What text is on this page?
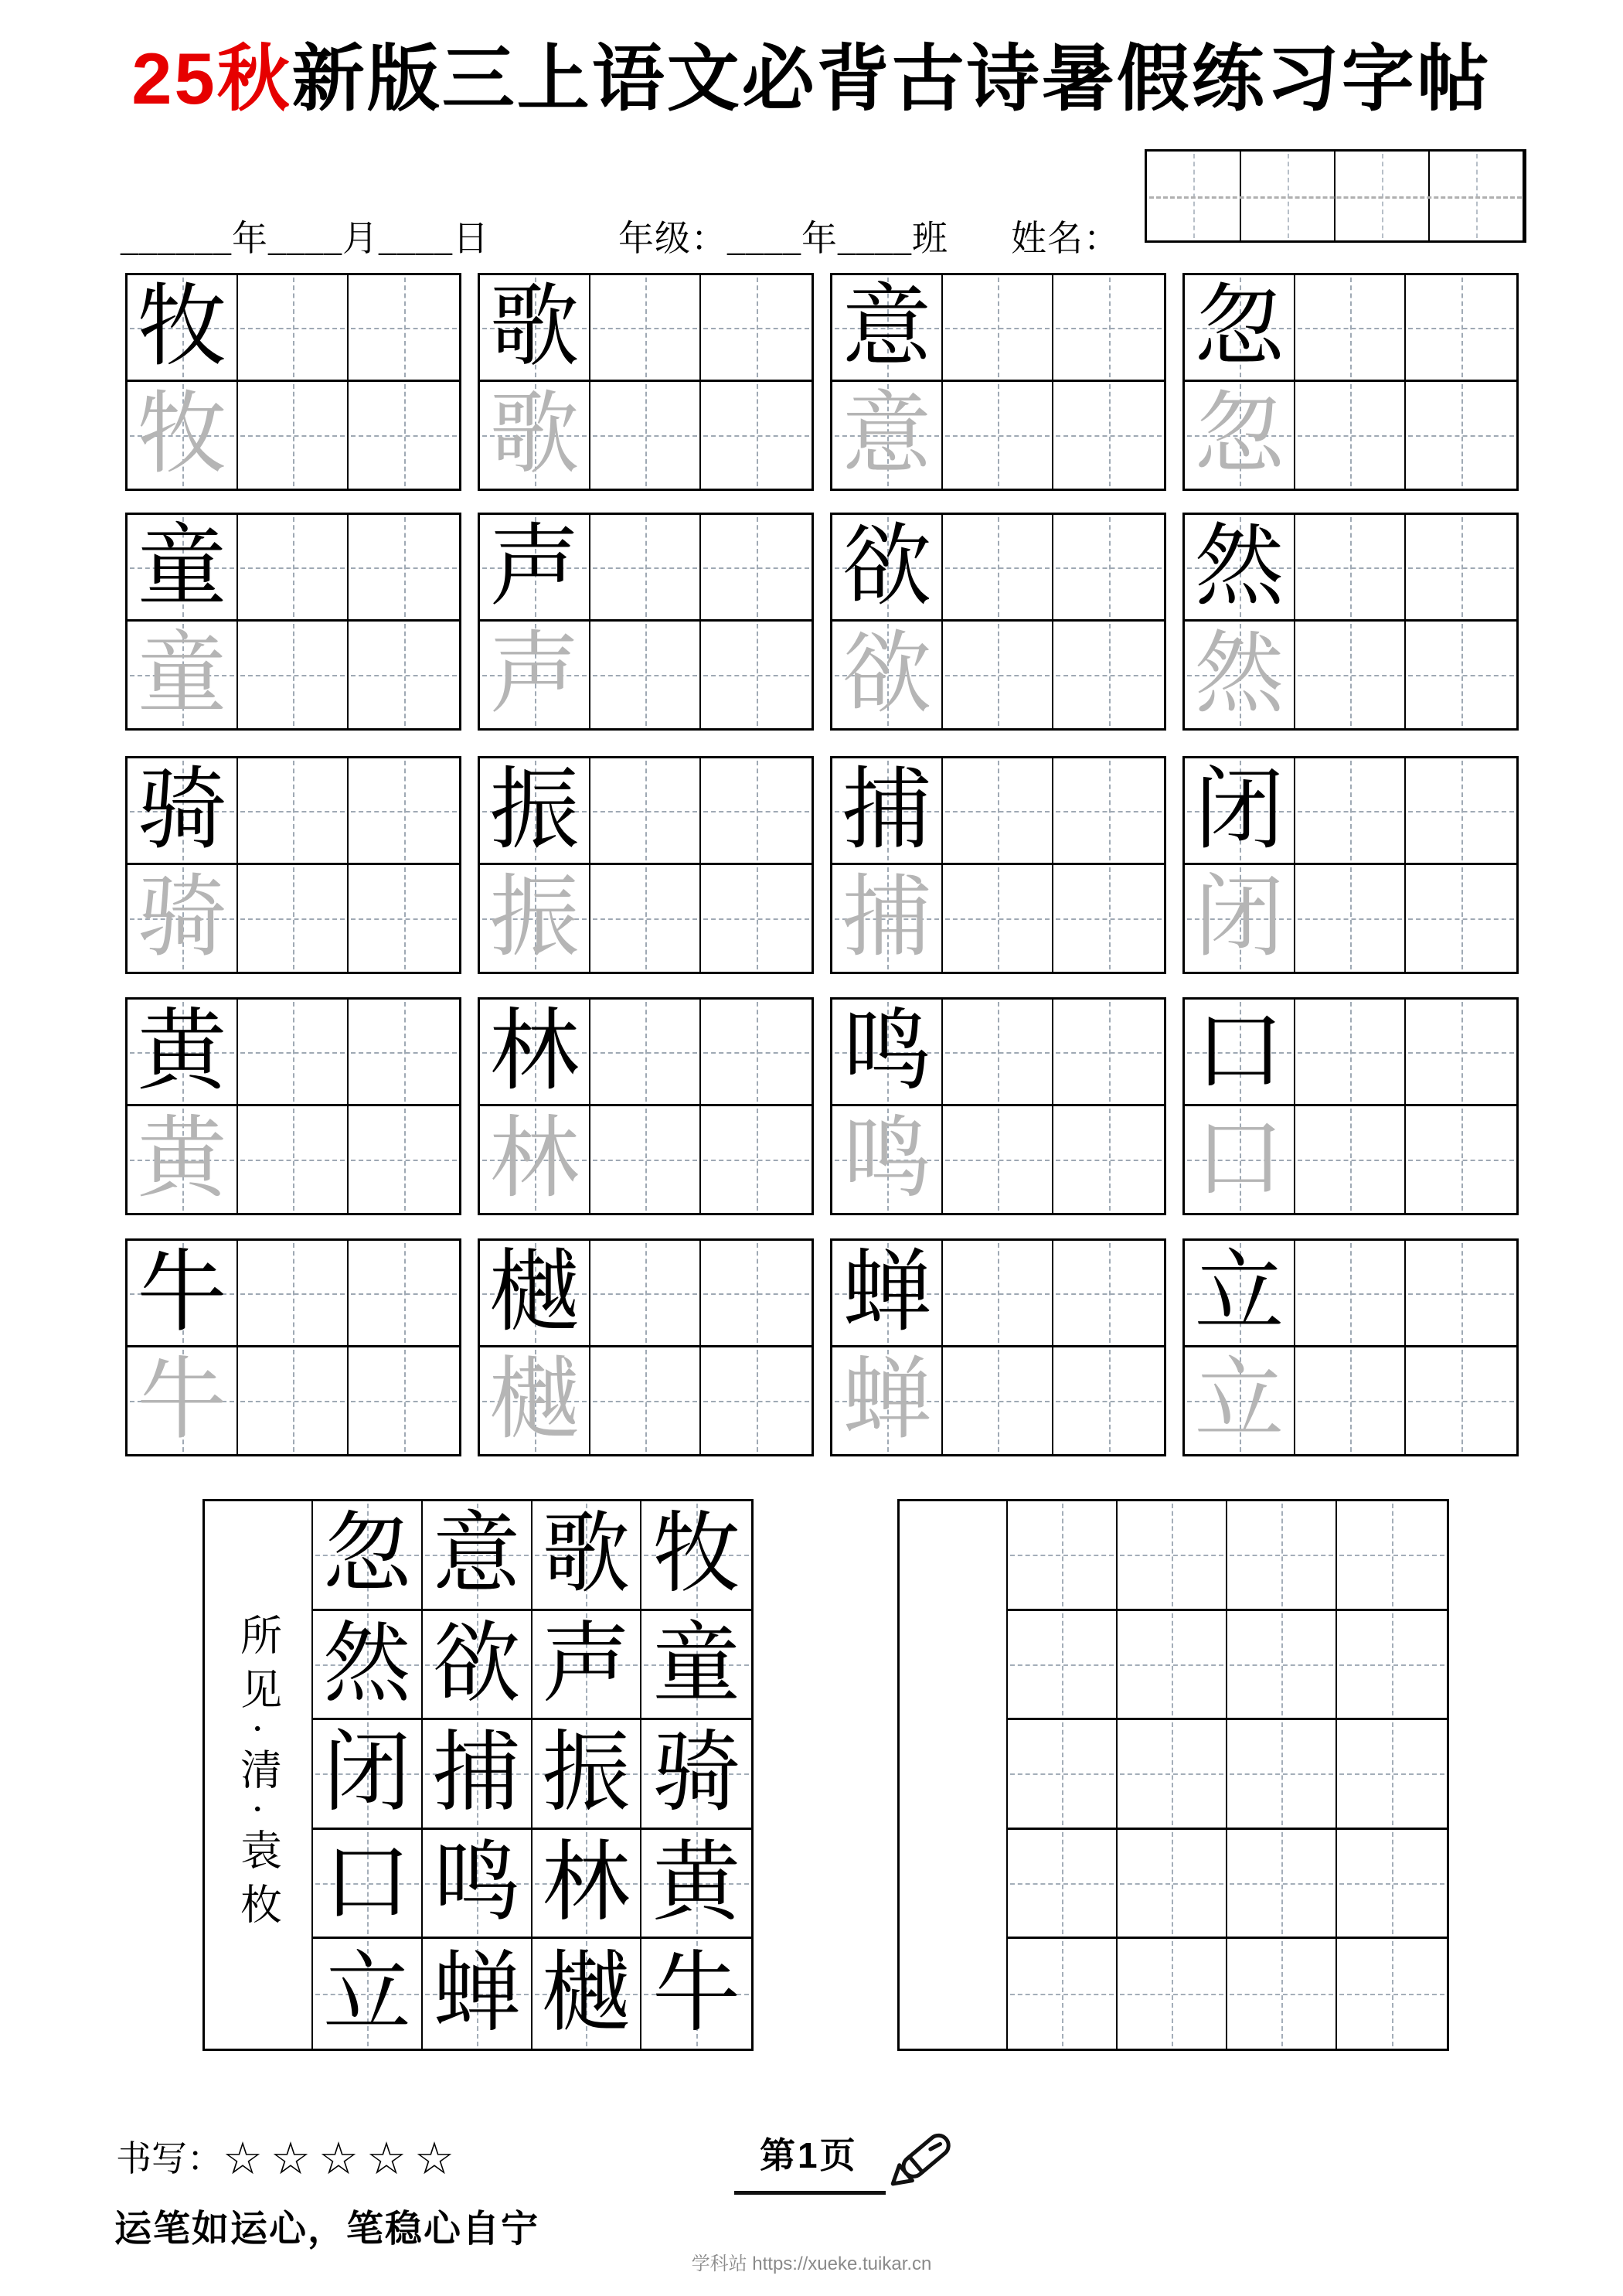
25秋新版三上语文必背古诗暑假练习字帖
______年____月____日	年级：____年____班 姓名：
牧
牧
歌
歌
意
意
忽
忽
童
童
声
声
欲
欲
然
然
骑
骑
振
振
捕
捕
闭
闭
黄
黄
林
林
鸣
鸣
口
口
牛
牛
樾
樾
蝉
蝉
立
立
所见·清·袁枚
忽 意 歌 牧
然 欲 声 童
闭 捕 振 骑
口 鸣 林 黄
立 蝉 樾 牛
书写：☆☆☆☆☆	第1页
运笔如运心，笔稳心自宁
学科站 https://xueke.tuikar.cn
